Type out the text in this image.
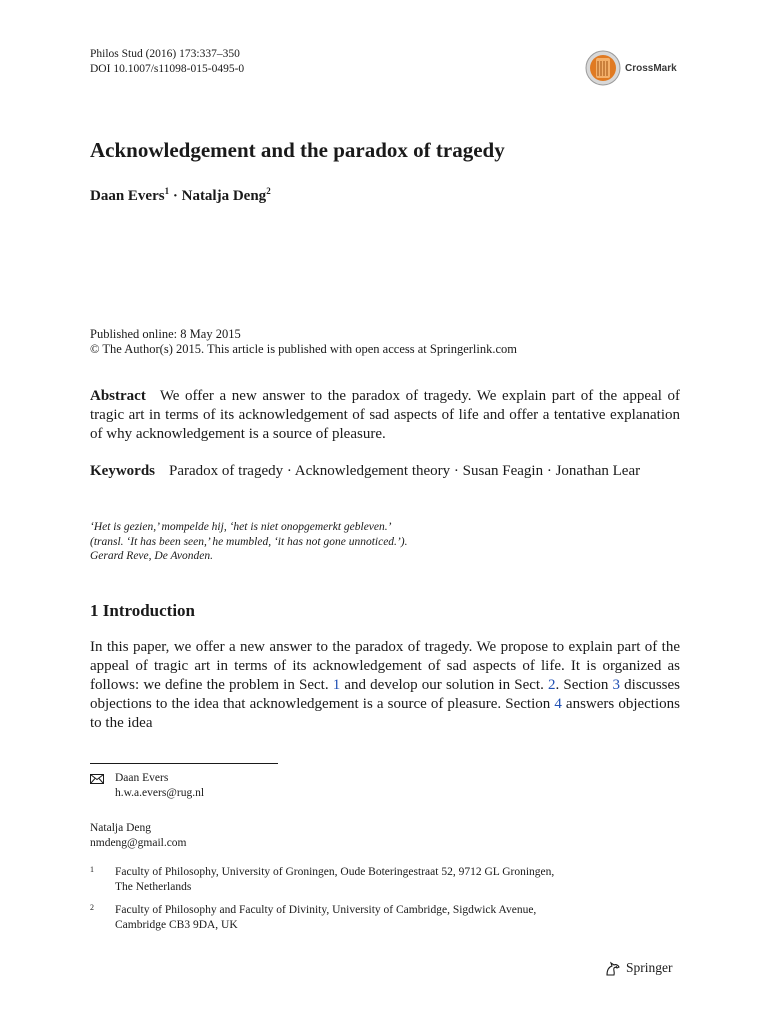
Philos Stud (2016) 173:337–350
DOI 10.1007/s11098-015-0495-0	CrossMark
Acknowledgement and the paradox of tragedy
Daan Evers$^1$ · Natalja Deng$^2$
Published online: 8 May 2015
© The Author(s) 2015. This article is published with open access at Springerlink.com
Abstract We offer a new answer to the paradox of tragedy. We explain part of the appeal of tragic art in terms of its acknowledgement of sad aspects of life and offer a tentative explanation of why acknowledgement is a source of pleasure.
Keywords Paradox of tragedy · Acknowledgement theory · Susan Feagin · Jonathan Lear
‘Het is gezien,’ mompelde hij, ‘het is niet onopgemerkt gebleven.’
(transl. ‘It has been seen,’ he mumbled, ‘it has not gone unnoticed.’).
Gerard Reve, De Avonden.
1 Introduction
In this paper, we offer a new answer to the paradox of tragedy. We propose to explain part of the appeal of tragic art in terms of its acknowledgement of sad aspects of life. It is organized as follows: we define the problem in Sect. 1 and develop our solution in Sect. 2. Section 3 discusses objections to the idea that acknowledgement is a source of pleasure. Section 4 answers objections to the idea
Daan Evers
h.w.a.evers@rug.nl
Natalja Deng
nmdeng@gmail.com
1 Faculty of Philosophy, University of Groningen, Oude Boteringestraat 52, 9712 GL Groningen,
The Netherlands
2 Faculty of Philosophy and Faculty of Divinity, University of Cambridge, Sigdwick Avenue,
Cambridge CB3 9DA, UK
Springer
